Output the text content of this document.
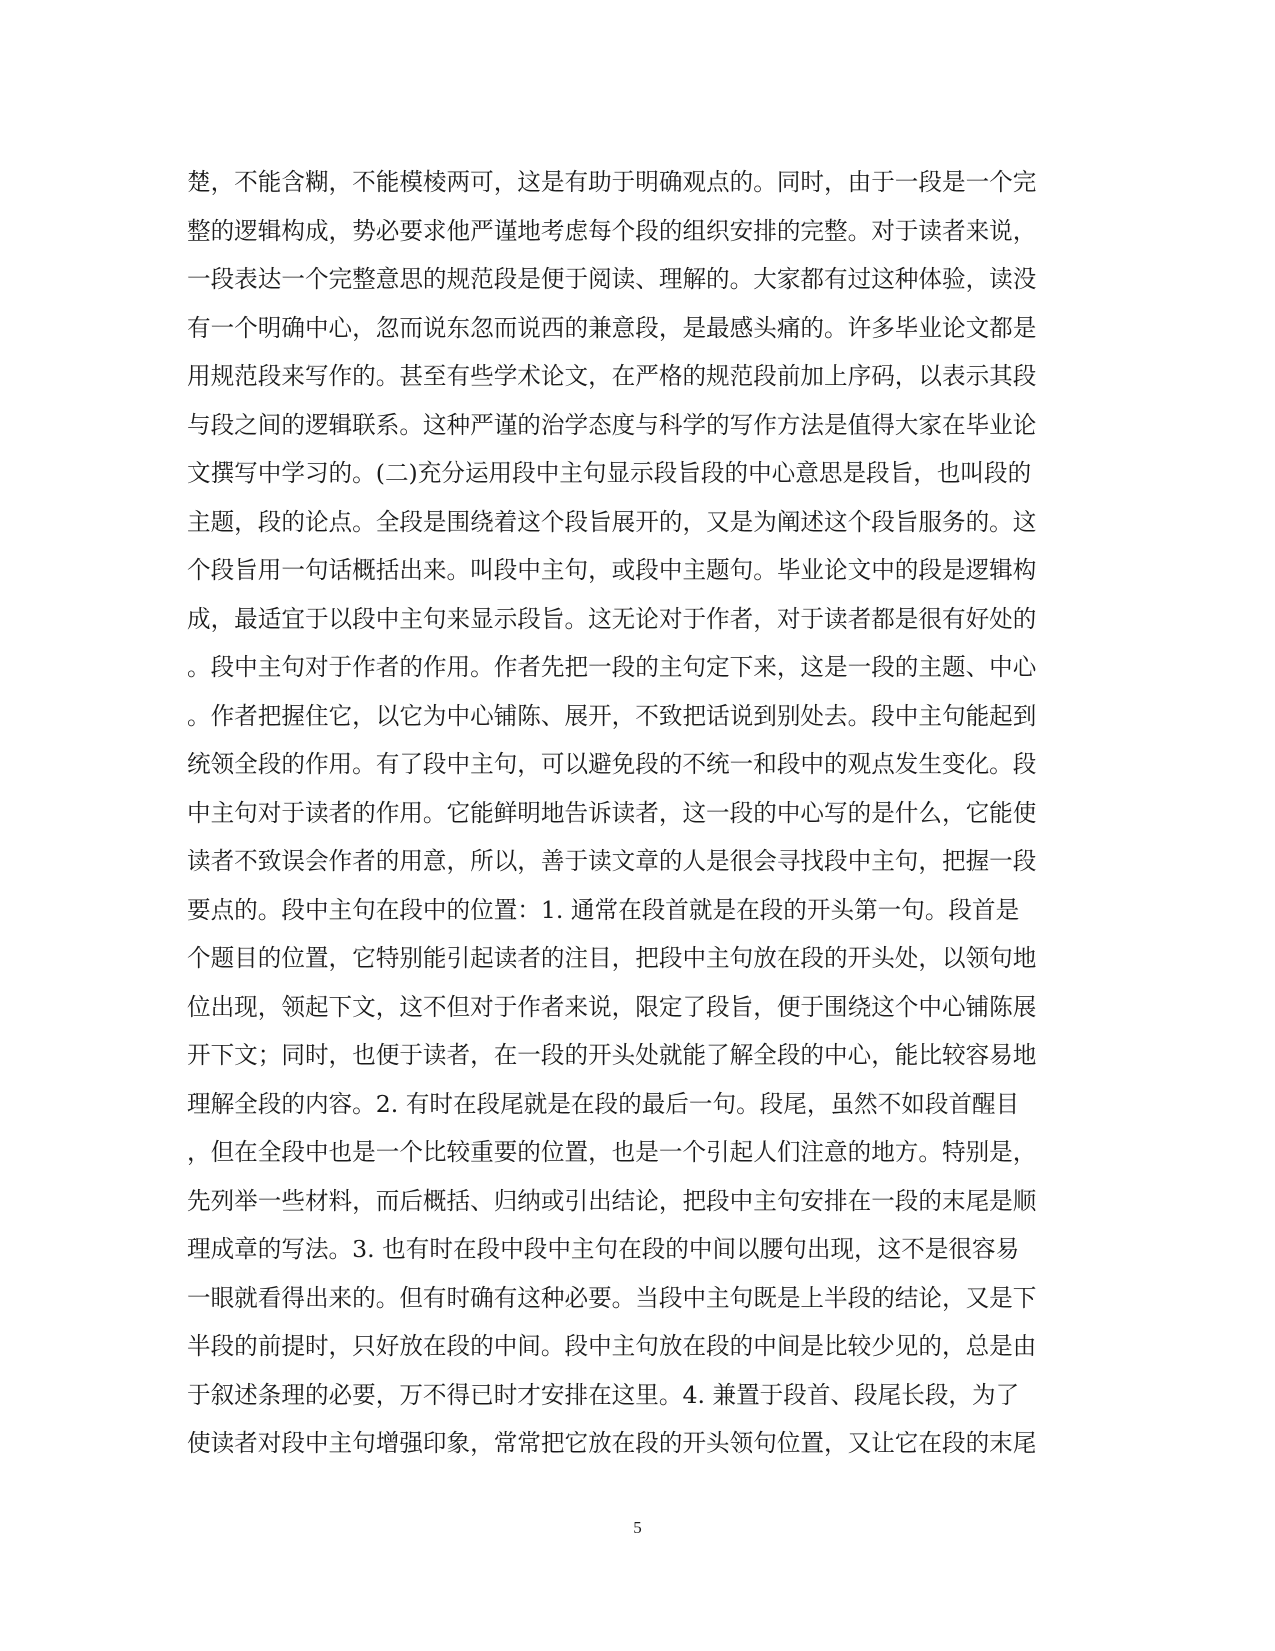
楚，不能含糊，不能模棱两可，这是有助于明确观点的。同时，由于一段是一个完
整的逻辑构成，势必要求他严谨地考虑每个段的组织安排的完整。对于读者来说，
一段表达一个完整意思的规范段是便于阅读、理解的。大家都有过这种体验，读没
有一个明确中心，忽而说东忽而说西的兼意段，是最感头痛的。许多毕业论文都是
用规范段来写作的。甚至有些学术论文，在严格的规范段前加上序码，以表示其段
与段之间的逻辑联系。这种严谨的治学态度与科学的写作方法是值得大家在毕业论
文撰写中学习的。(二)充分运用段中主句显示段旨段的中心意思是段旨，也叫段的
主题，段的论点。全段是围绕着这个段旨展开的，又是为阐述这个段旨服务的。这
个段旨用一句话概括出来。叫段中主句，或段中主题句。毕业论文中的段是逻辑构
成，最适宜于以段中主句来显示段旨。这无论对于作者，对于读者都是很有好处的
。段中主句对于作者的作用。作者先把一段的主句定下来，这是一段的主题、中心
。作者把握住它，以它为中心铺陈、展开，不致把话说到别处去。段中主句能起到
统领全段的作用。有了段中主句，可以避免段的不统一和段中的观点发生变化。段
中主句对于读者的作用。它能鲜明地告诉读者，这一段的中心写的是什么，它能使
读者不致误会作者的用意，所以，善于读文章的人是很会寻找段中主句，把握一段
要点的。段中主句在段中的位置：1. 通常在段首就是在段的开头第一句。段首是
个题目的位置，它特别能引起读者的注目，把段中主句放在段的开头处，以领句地
位出现，领起下文，这不但对于作者来说，限定了段旨，便于围绕这个中心铺陈展
开下文；同时，也便于读者，在一段的开头处就能了解全段的中心，能比较容易地
理解全段的内容。2. 有时在段尾就是在段的最后一句。段尾，虽然不如段首醒目
，但在全段中也是一个比较重要的位置，也是一个引起人们注意的地方。特别是，
先列举一些材料，而后概括、归纳或引出结论，把段中主句安排在一段的末尾是顺
理成章的写法。3. 也有时在段中段中主句在段的中间以腰句出现，这不是很容易
一眼就看得出来的。但有时确有这种必要。当段中主句既是上半段的结论，又是下
半段的前提时，只好放在段的中间。段中主句放在段的中间是比较少见的，总是由
于叙述条理的必要，万不得已时才安排在这里。4. 兼置于段首、段尾长段，为了
使读者对段中主句增强印象，常常把它放在段的开头领句位置，又让它在段的末尾
5
